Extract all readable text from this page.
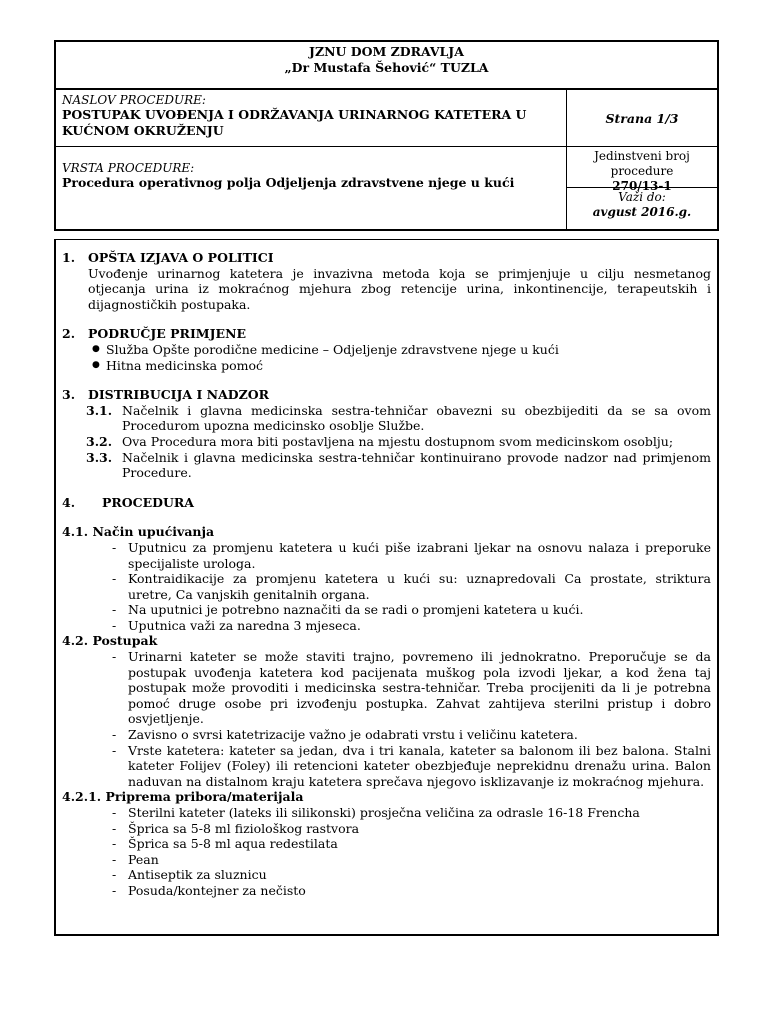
JZNU DOM ZDRAVLJA
„Dr Mustafa Šehović“ TUZLA
NASLOV PROCEDURE:
POSTUPAK UVOĐENJA I ODRŽAVANJA URINARNOG KATETERA U KUĆNOM OKRUŽENJU
Strana 1/3
VRSTA PROCEDURE:
Procedura operativnog polja Odjeljenja zdravstvene njege u kući
Jedinstveni broj procedure
270/13-1
Važi do:
avgust 2016.g.
1.	OPŠTA IZJAVA O POLITICI
Uvođenje urinarnog katetera je invazivna metoda koja se primjenjuje u cilju nesmetanog otjecanja urina iz mokraćnog mjehura zbog retencije urina, inkontinencije, terapeutskih i dijagnostičkih postupaka.
2.	PODRUČJE PRIMJENE
● Služba Opšte porodične medicine – Odjeljenje zdravstvene njege u kući
● Hitna medicinska pomoć
3.	DISTRIBUCIJA I NADZOR
3.1. Načelnik i glavna medicinska sestra-tehničar obavezni su obezbijediti da se sa ovom Procedurom upozna medicinsko osoblje Službe.
3.2. Ova Procedura mora biti postavljena na mjestu dostupnom svom medicinskom osoblju;
3.3. Načelnik i glavna medicinska sestra-tehničar kontinuirano provode nadzor nad primjenom Procedure.
4.	PROCEDURA
4.1. Način upućivanja
- Uputnicu za promjenu katetera u kući piše izabrani ljekar na osnovu nalaza i preporuke specijaliste urologa.
- Kontraidikacije za promjenu katetera u kući su: uznapredovali Ca prostate, striktura uretre, Ca vanjskih genitalnih organa.
- Na uputnici je potrebno naznačiti da se radi o promjeni katetera u kući.
- Uputnica važi za naredna 3 mjeseca.
4.2. Postupak
- Urinarni kateter se može staviti trajno, povremeno ili jednokratno. Preporučuje se da postupak uvođenja katetera kod pacijenata muškog pola izvodi ljekar, a kod žena taj postupak može provoditi i medicinska sestra-tehničar. Treba procijeniti da li je potrebna pomoć druge osobe pri izvođenju postupka. Zahvat zahtijeva sterilni pristup i dobro osvjetljenje.
- Zavisno o svrsi katetrizacije važno je odabrati vrstu i veličinu katetera.
- Vrste katetera: kateter sa jedan, dva i tri kanala, kateter sa balonom ili bez balona. Stalni kateter Folijev (Foley) ili retencioni kateter obezbjeđuje neprekidnu drenažu urina. Balon naduvan na distalnom kraju katetera sprečava njegovo isklizavanje iz mokraćnog mjehura.
4.2.1. Priprema pribora/materijala
- Sterilni kateter (lateks ili silikonski) prosječna veličina za odrasle 16-18 Frencha
- Šprica sa 5-8 ml fiziološkog rastvora
- Šprica sa 5-8 ml aqua redestilata
- Pean
- Antiseptik za sluznicu
- Posuda/kontejner za nečisto
